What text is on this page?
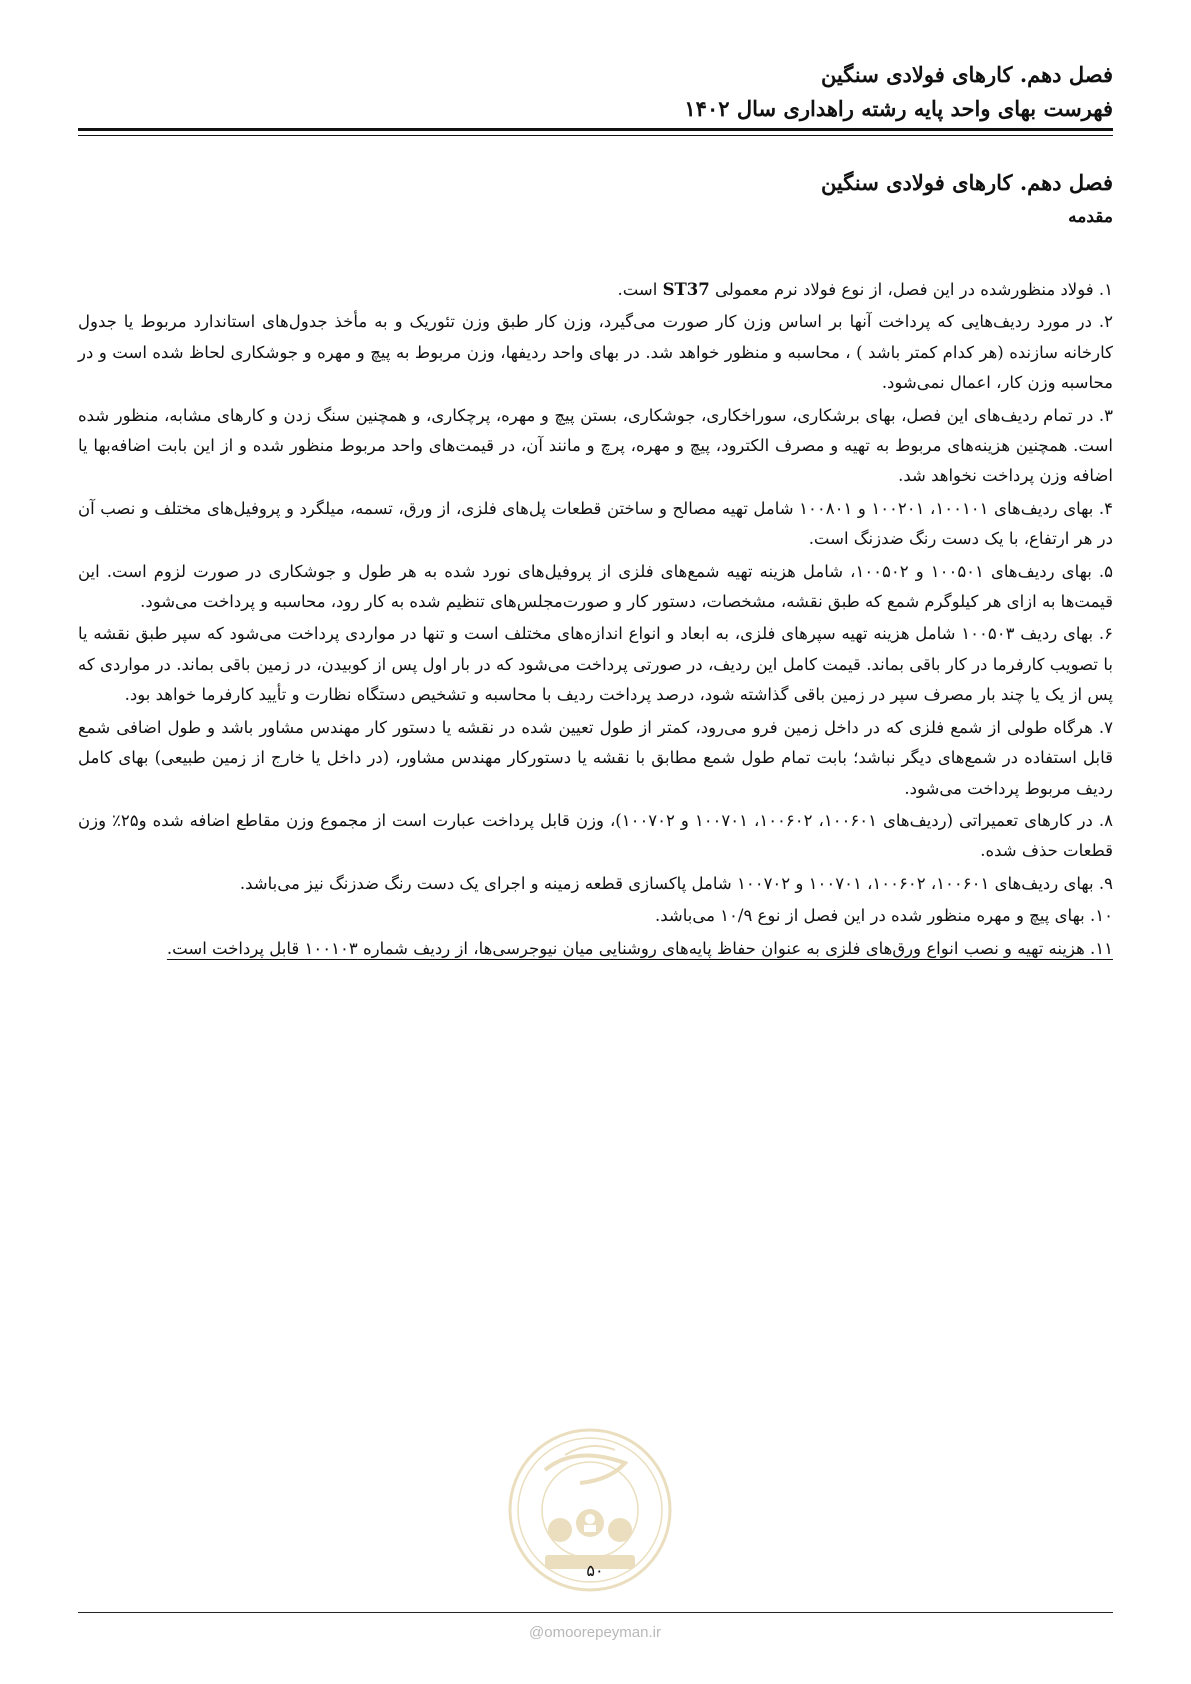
فصل دهم. کارهای فولادی سنگین
فهرست بهای واحد پایه رشته راهداری سال ۱۴۰۲
فصل دهم. کارهای فولادی سنگین
مقدمه

۱. فولاد منظورشده در این فصل، از نوع فولاد نرم معمولی ST37 است.

۲. در مورد ردیف‌هایی که پرداخت آنها بر اساس وزن کار صورت می‌گیرد، وزن کار طبق وزن تئوریک و به مأخذ جدول‌های استاندارد مربوط یا جدول کارخانه سازنده (هر کدام کمتر باشد ) ، محاسبه و منظور خواهد شد. در بهای واحد ردیفها، وزن مربوط به پیچ و مهره و جوشکاری لحاظ شده است و در محاسبه وزن کار، اعمال نمی‌شود.

۳. در تمام ردیف‌های این فصل، بهای برشکاری، سوراخکاری، جوشکاری، بستن پیچ و مهره، پرچکاری، و همچنین سنگ زدن و کارهای مشابه، منظور شده است. همچنین هزینه‌های مربوط به تهیه و مصرف الکترود، پیچ و مهره، پرچ و مانند آن، در قیمت‌های واحد مربوط منظور شده و از این بابت اضافه‌بها یا اضافه وزن پرداخت نخواهد شد.

۴. بهای ردیف‌های ۱۰۰۱۰۱، ۱۰۰۲۰۱ و ۱۰۰۸۰۱ شامل تهیه مصالح و ساختن قطعات پل‌های فلزی، از ورق، تسمه، میلگرد و پروفیل‌های مختلف و نصب آن در هر ارتفاع، با یک دست رنگ ضدزنگ است.

۵. بهای ردیف‌های ۱۰۰۵۰۱ و ۱۰۰۵۰۲، شامل هزینه تهیه شمع‌های فلزی از پروفیل‌های نورد شده به هر طول و جوشکاری در صورت لزوم است. این قیمت‌ها به ازای هر کیلوگرم شمع که طبق نقشه، مشخصات، دستور کار و صورت‌مجلس‌های تنظیم شده به کار رود، محاسبه و پرداخت می‌شود.

۶. بهای ردیف ۱۰۰۵۰۳ شامل هزینه تهیه سپرهای فلزی، به ابعاد و انواع اندازه‌های مختلف است و تنها در مواردی پرداخت می‌شود که سپر طبق نقشه یا با تصویب کارفرما در کار باقی بماند. قیمت کامل این ردیف، در صورتی پرداخت می‌شود که در بار اول پس از کوبیدن، در زمین باقی بماند. در مواردی که پس از یک یا چند بار مصرف سپر در زمین باقی گذاشته شود، درصد پرداخت ردیف با محاسبه و تشخیص دستگاه نظارت و تأیید کارفرما خواهد بود.

۷. هرگاه طولی از شمع فلزی که در داخل زمین فرو می‌رود، کمتر از طول تعیین شده در نقشه یا دستور کار مهندس مشاور باشد و طول اضافی شمع قابل استفاده در شمع‌های دیگر نباشد؛ بابت تمام طول شمع مطابق با نقشه یا دستورکار مهندس مشاور، (در داخل یا خارج از زمین طبیعی) بهای کامل ردیف مربوط پرداخت می‌شود.

۸. در کارهای تعمیراتی (ردیف‌های ۱۰۰۶۰۱، ۱۰۰۶۰۲، ۱۰۰۷۰۱ و ۱۰۰۷۰۲)، وزن قابل پرداخت عبارت است از مجموع وزن مقاطع اضافه شده و۲۵٪ وزن قطعات حذف شده.

۹. بهای ردیف‌های ۱۰۰۶۰۱، ۱۰۰۶۰۲، ۱۰۰۷۰۱ و ۱۰۰۷۰۲ شامل پاکسازی قطعه زمینه و اجرای یک دست رنگ ضدزنگ نیز می‌باشد.

۱۰. بهای پیچ و مهره منظور شده در این فصل از نوع ۱۰/۹ می‌باشد.

۱۱. هزینه تهیه و نصب انواع ورق‌های فلزی به عنوان حفاظ پایه‌های روشنایی میان نیوجرسی‌ها، از ردیف شماره ۱۰۰۱۰۳ قابل پرداخت است.

۵۰
@omoorepeyman.ir
